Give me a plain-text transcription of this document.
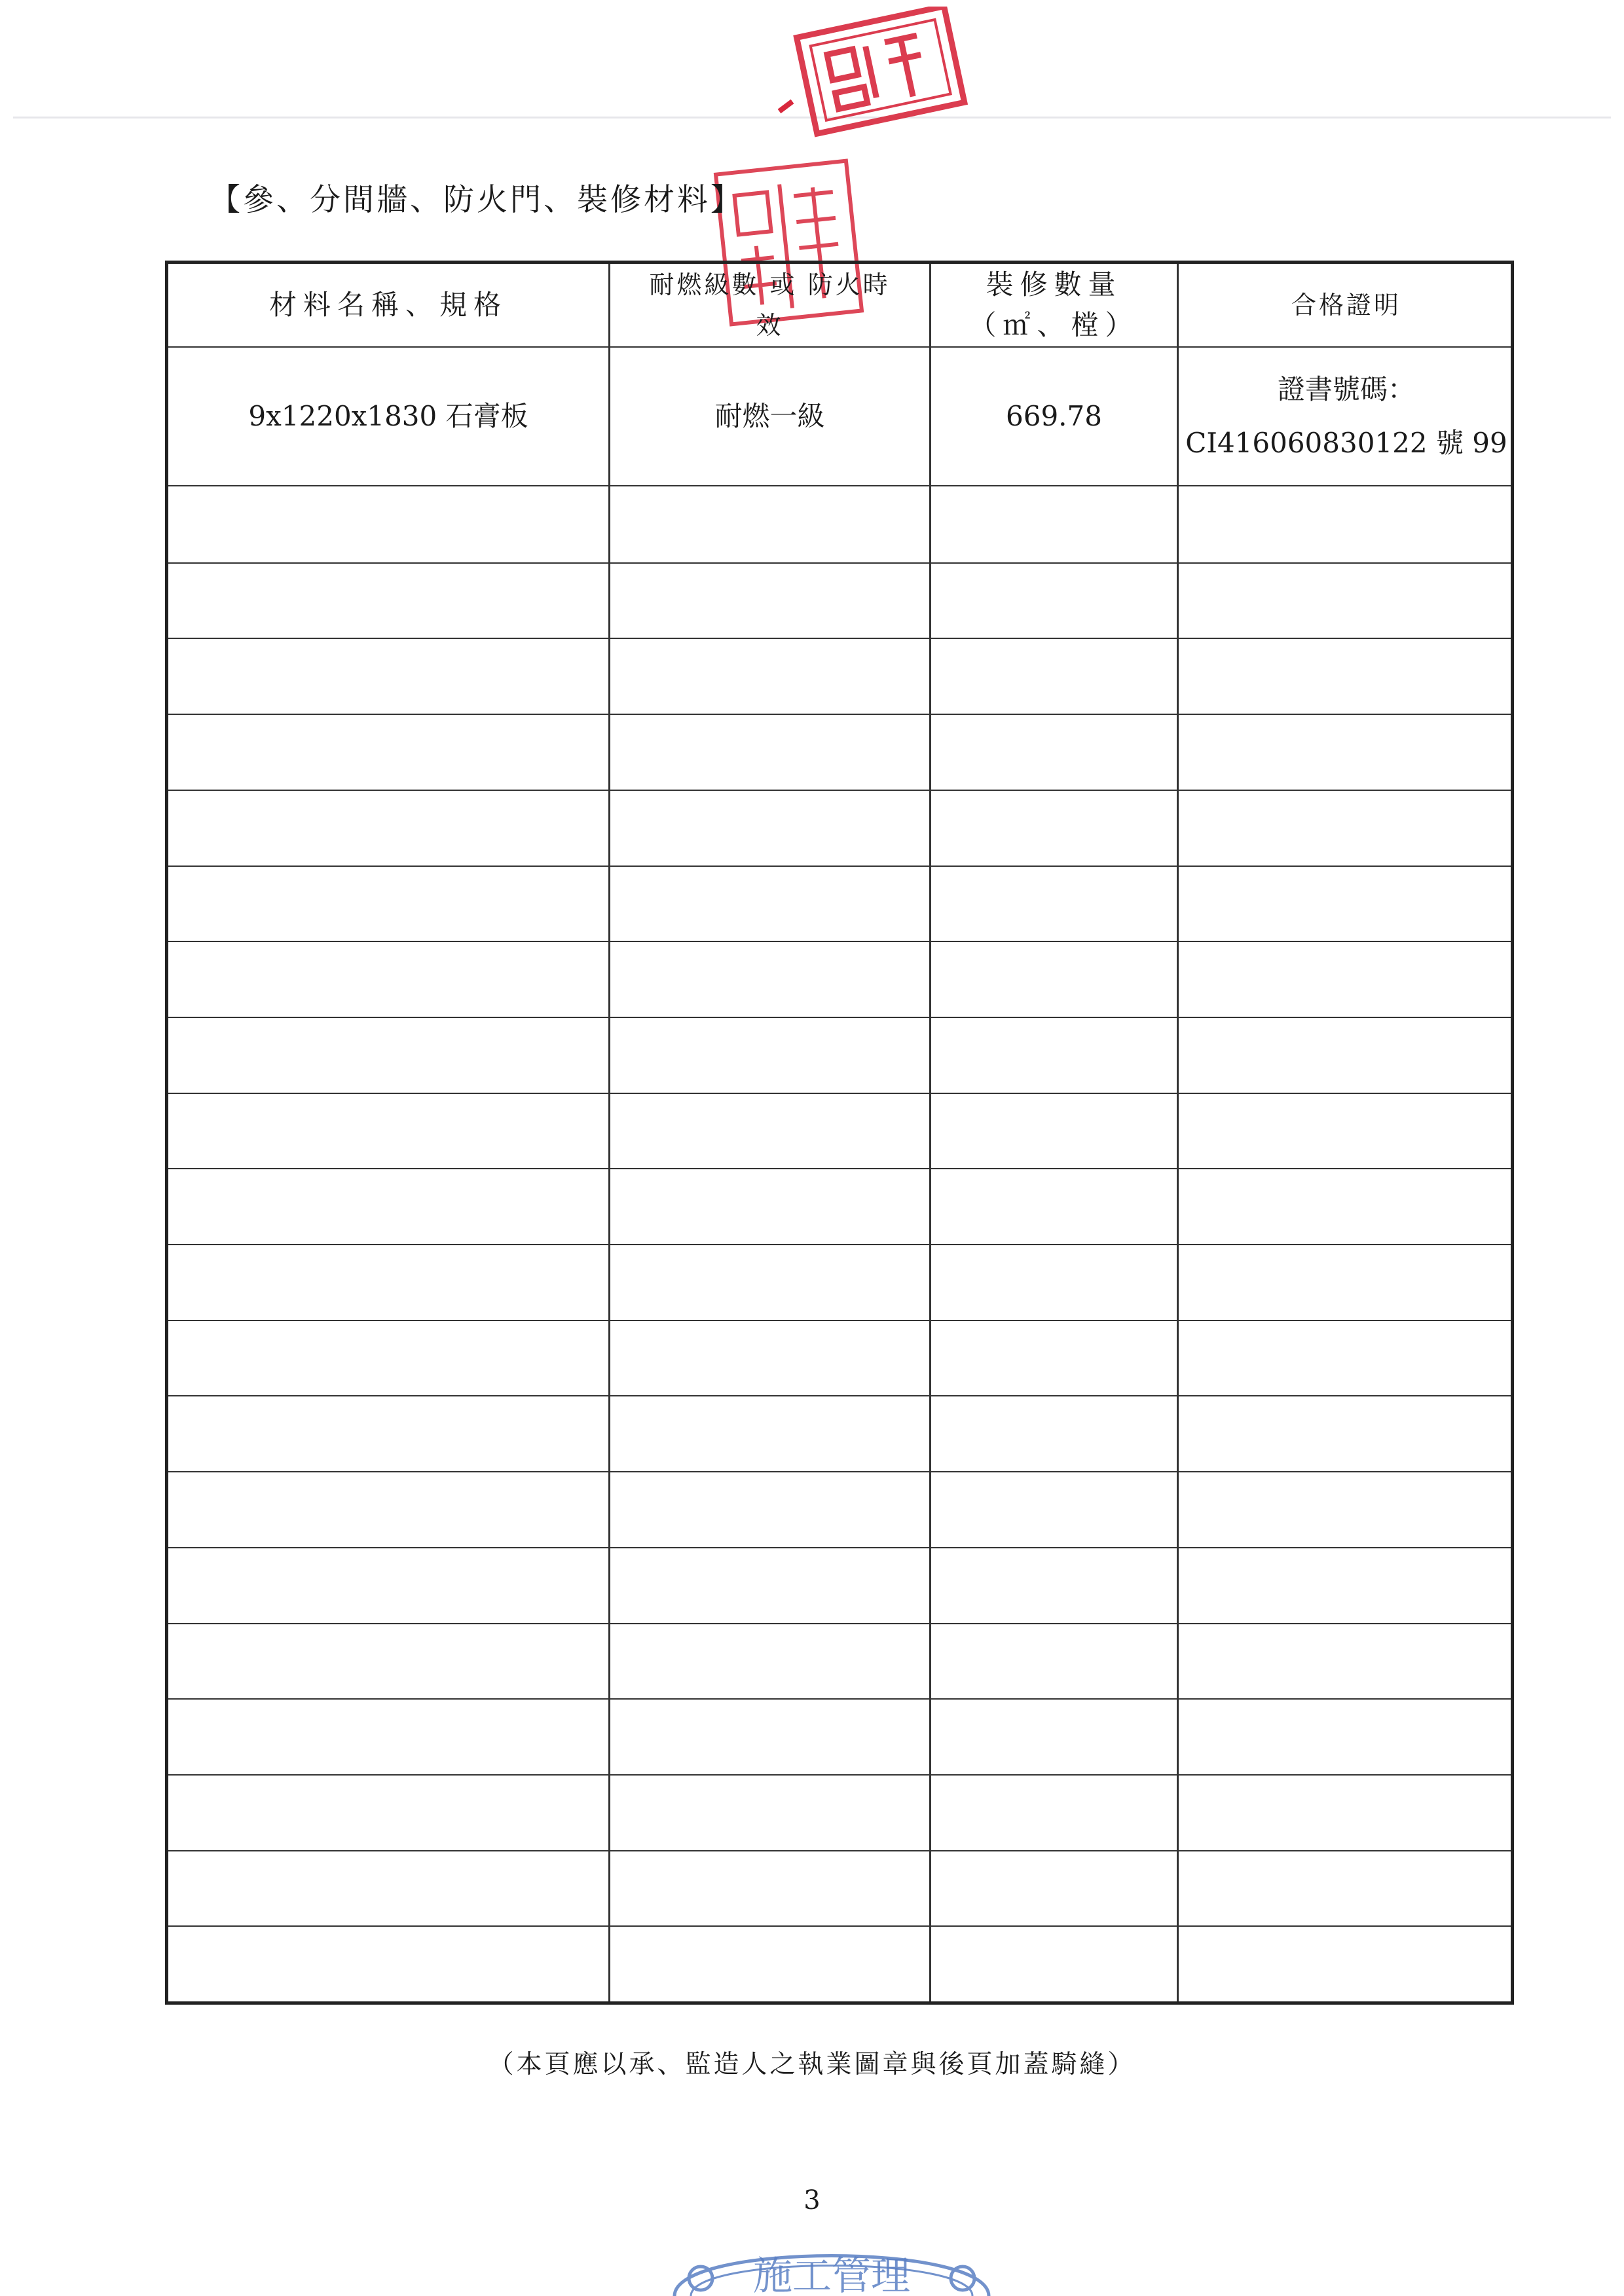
【參、分間牆、防火門、裝修材料】
材料名稱、規格
耐燃級數 或 防火時
效
裝修數量
（㎡、樘）
合格證明
9x1220x1830 石膏板	耐燃一級	669.78
證書號碼：
CI416060830122 號 99
（本頁應以承、監造人之執業圖章與後頁加蓋騎縫）
3
施工管理
